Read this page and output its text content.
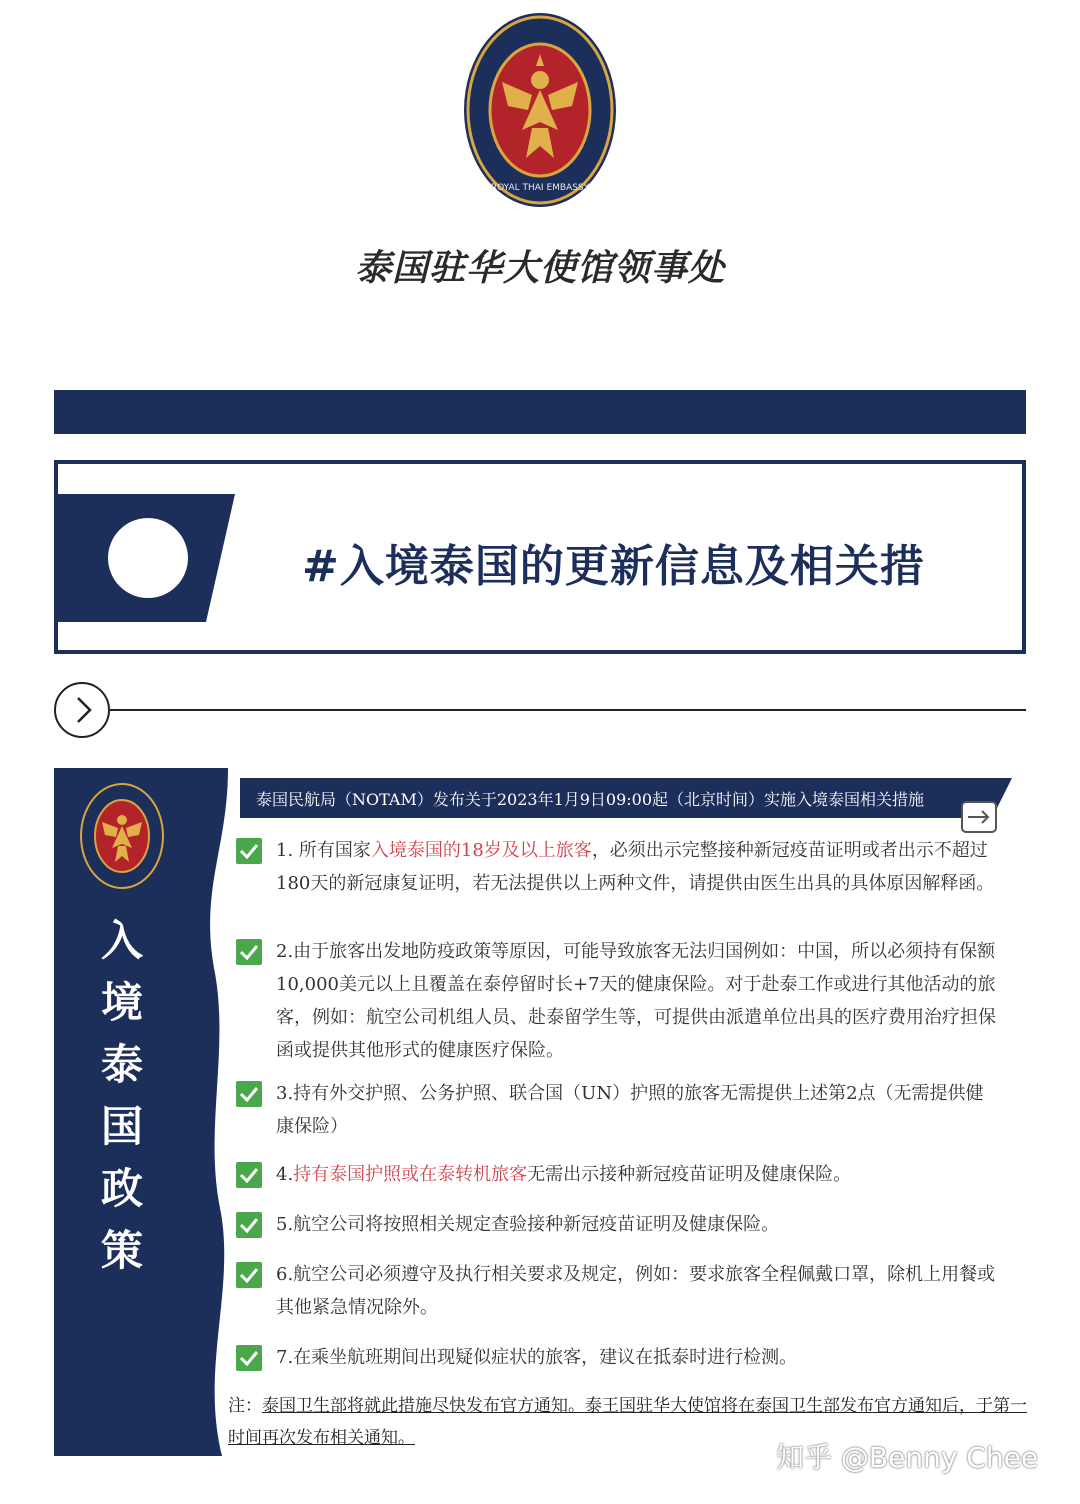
ROYAL THAI EMBASSY
泰国驻华大使馆领事处
#入境泰国的更新信息及相关措
入
境
泰
国
政
策
泰国民航局（NOTAM）发布关于2023年1月9日09:00起（北京时间）实施入境泰国相关措施
1. 所有国家入境泰国的18岁及以上旅客，必须出示完整接种新冠疫苗证明或者出示不超过180天的新冠康复证明，若无法提供以上两种文件，请提供由医生出具的具体原因解释函。
2.由于旅客出发地防疫政策等原因，可能导致旅客无法归国例如：中国，所以必须持有保额10,000美元以上且覆盖在泰停留时长+7天的健康保险。对于赴泰工作或进行其他活动的旅客，例如：航空公司机组人员、赴泰留学生等，可提供由派遣单位出具的医疗费用治疗担保函或提供其他形式的健康医疗保险。
3.持有外交护照、公务护照、联合国（UN）护照的旅客无需提供上述第2点（无需提供健康保险）
4.持有泰国护照或在泰转机旅客无需出示接种新冠疫苗证明及健康保险。
5.航空公司将按照相关规定查验接种新冠疫苗证明及健康保险。
6.航空公司必须遵守及执行相关要求及规定，例如：要求旅客全程佩戴口罩，除机上用餐或其他紧急情况除外。
7.在乘坐航班期间出现疑似症状的旅客，建议在抵泰时进行检测。
注：泰国卫生部将就此措施尽快发布官方通知。泰王国驻华大使馆将在泰国卫生部发布官方通知后，于第一时间再次发布相关通知。
知乎 @Benny Chee
